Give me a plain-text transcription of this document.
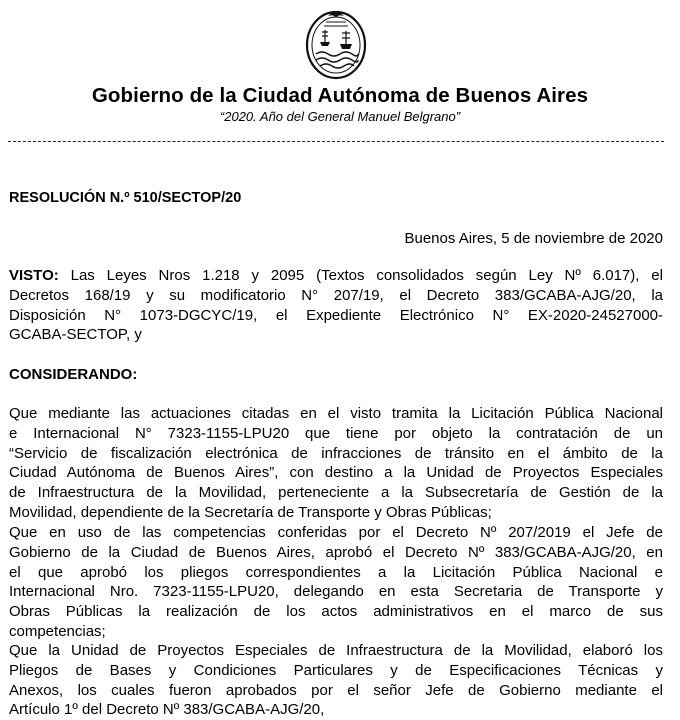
Gobierno de la Ciudad Autónoma de Buenos Aires
“2020. Año del General Manuel Belgrano”
RESOLUCIÓN N.º 510/SECTOP/20
Buenos Aires, 5 de noviembre de 2020
VISTO: Las Leyes Nros 1.218 y 2095 (Textos consolidados según Ley Nº 6.017), el
Decretos 168/19 y su modificatorio N° 207/19, el Decreto 383/GCABA-AJG/20, la
Disposición N° 1073-DGCYC/19, el Expediente Electrónico N° EX-2020-24527000-
GCABA-SECTOP, y
CONSIDERANDO:
Que mediante las actuaciones citadas en el visto tramita la Licitación Pública Nacional
e Internacional N° 7323-1155-LPU20 que tiene por objeto la contratación de un
“Servicio de fiscalización electrónica de infracciones de tránsito en el ámbito de la
Ciudad Autónoma de Buenos Aires”, con destino a la Unidad de Proyectos Especiales
de Infraestructura de la Movilidad, perteneciente a la Subsecretaría de Gestión de la
Movilidad, dependiente de la Secretaría de Transporte y Obras Públicas;
Que en uso de las competencias conferidas por el Decreto Nº 207/2019 el Jefe de
Gobierno de la Ciudad de Buenos Aires, aprobó el Decreto Nº 383/GCABA-AJG/20, en
el que aprobó los pliegos correspondientes a la Licitación Pública Nacional e
Internacional Nro. 7323-1155-LPU20, delegando en esta Secretaria de Transporte y
Obras Públicas la realización de los actos administrativos en el marco de sus
competencias;
Que la Unidad de Proyectos Especiales de Infraestructura de la Movilidad, elaboró los
Pliegos de Bases y Condiciones Particulares y de Especificaciones Técnicas y
Anexos, los cuales fueron aprobados por el señor Jefe de Gobierno mediante el
Artículo 1º del Decreto Nº 383/GCABA-AJG/20,
